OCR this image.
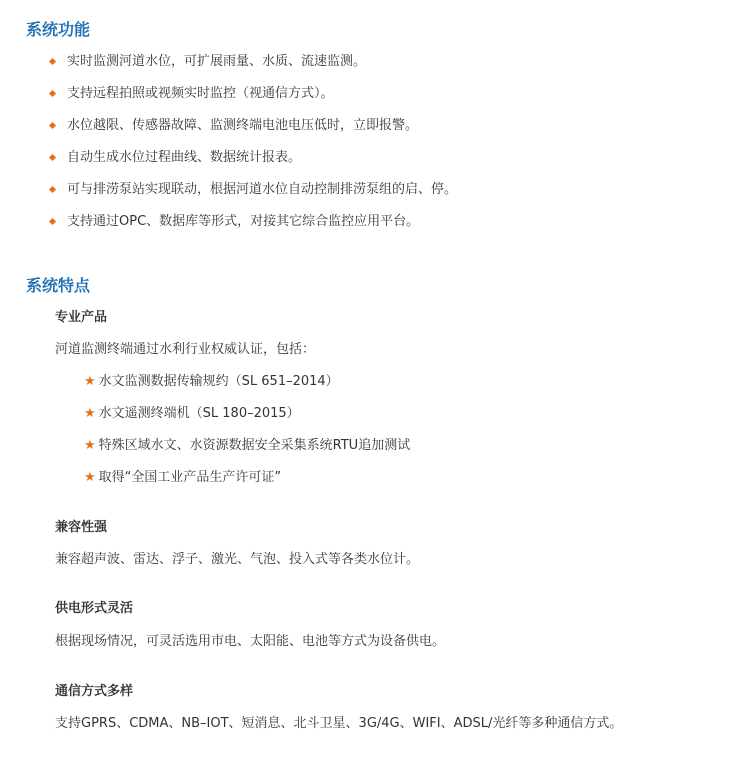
系统功能
实时监测河道水位，可扩展雨量、水质、流速监测。
支持远程拍照或视频实时监控（视通信方式）。
水位越限、传感器故障、监测终端电池电压低时，立即报警。
自动生成水位过程曲线、数据统计报表。
可与排涝泵站实现联动，根据河道水位自动控制排涝泵组的启、停。
支持通过OPC、数据库等形式，对接其它综合监控应用平台。
系统特点
专业产品

河道监测终端通过水利行业权威认证，包括：

★ 水文监测数据传输规约（SL 651–2014）
★ 水文遥测终端机（SL 180–2015）
★ 特殊区域水文、水资源数据安全采集系统RTU追加测试
★ 取得“全国工业产品生产许可证”
兼容性强

兼容超声波、雷达、浮子、激光、气泡、投入式等各类水位计。

供电形式灵活

根据现场情况，可灵活选用市电、太阳能、电池等方式为设备供电。

通信方式多样

支持GPRS、CDMA、NB–IOT、短消息、北斗卫星、3G/4G、WIFI、ADSL/光纤等多种通信方式。
